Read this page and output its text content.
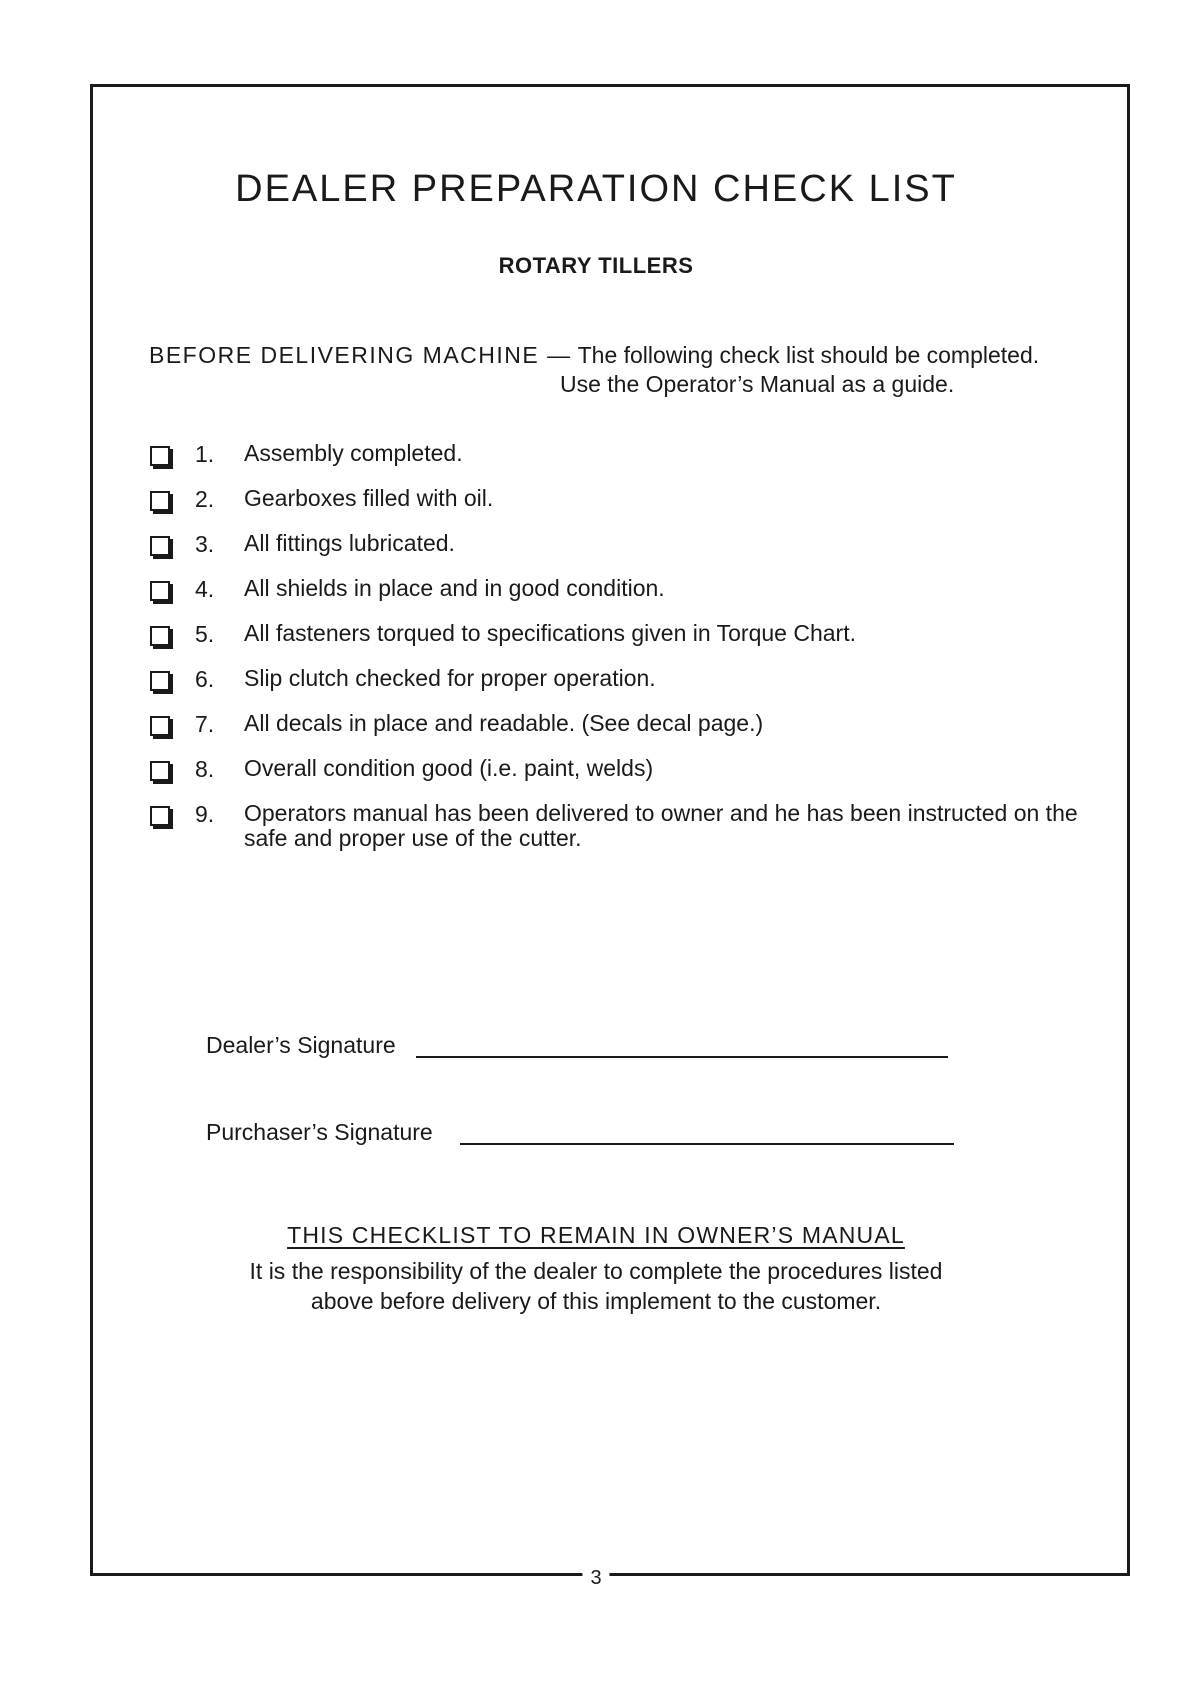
DEALER PREPARATION CHECK LIST
ROTARY TILLERS
BEFORE DELIVERING MACHINE — The following check list should be completed.
Use the Operator’s Manual as a guide.
1. Assembly completed.
2. Gearboxes filled with oil.
3. All fittings lubricated.
4. All shields in place and in good condition.
5. All fasteners torqued to specifications given in Torque Chart.
6. Slip clutch checked for proper operation.
7. All decals in place and readable. (See decal page.)
8. Overall condition good (i.e. paint, welds)
9. Operators manual has been delivered to owner and he has been instructed on the safe and proper use of the cutter.
Dealer’s Signature
Purchaser’s Signature
THIS CHECKLIST TO REMAIN IN OWNER’S MANUAL
It is the responsibility of the dealer to complete the procedures listed
above before delivery of this implement to the customer.
3
